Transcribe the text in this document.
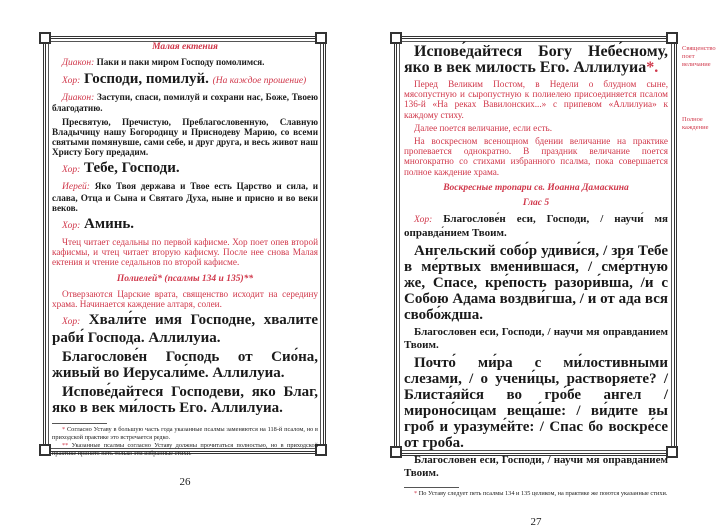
Малая ектения

Диакон: Паки и паки миром Господу помолимся.

Хор: Господи, помилуй. (На каждое прошение)

Диакон: Заступи, спаси, помилуй и сохрани нас, Боже, Твоею благодатию.

Пресвятую, Пречистую, Преблагословенную, Славную Владычицу нашу Богородицу и Приснодеву Марию, со всеми святыми помянувше, сами себе, и друг друга, и весь живот наш Христу Богу предадим.

Хор: Тебе, Господи.

Иерей: Яко Твоя держава и Твое есть Царство и сила, и слава, Отца и Сына и Святаго Духа, ныне и присно и во веки веков.

Хор: Аминь.

Чтец читает седальны по первой кафисме. Хор поет опев второй кафисмы, и чтец читает вторую кафисму. После нее снова Малая ектения и чтение седальнов по второй кафисме.

Полиелей* (псалмы 134 и 135)**

Отверзаются Царские врата, священство исходит на середину храма. Начинается каждение алтаря, солеи.

Хор: Хвали́те имя Господне, хвалите раби́ Господа. Аллилуиа.

Благослове́н Господь от Сио́на, живый во Иерусали́ме. Аллилуиа.

Испове́дайтеся Господеви, яко Благ, яко в век ми́лость Его. Аллилуиа.

* Согласно Уставу в большую часть года указанные псалмы заменяются на 118-й псалом, но в приходской практике это встречается редко.

** Указанные псалмы согласно Уставу должны прочитаться полностью, но в приходской практике принято петь только эти избранные стихи.

26

Испове́дайтеся Богу Небе́сному, яко в век милость Его. Аллилуиа*.

Перед Великим Постом, в Недели о блудном сыне, мясопустную и сыропустную к полиелею присоединяется псалом 136-й «На реках Вавилонских...» с припевом «Аллилуиа» к каждому стиху.

Далее поется величание, если есть.

На воскресном всенощном бдении величание на практике пропевается однократно. В праздник величание поется многократно со стихами избранного псалма, пока совершается полное каждение храма.

Воскресные тропари св. Иоанна Дамаскина

Глас 5

Хор: Благослове́н еси, Господи, / научи́ мя оправда́нием Твоим.

Ангельский собо́р удиви́ся, / зря Тебе в ме́ртвых вмени́вшася, / сме́ртную же, Спасе, кре́пость разори́вша, /и с Собою Адама воздви́гша, / и от ада вся свобо́ждша.

Благословен еси, Господи, / научи мя оправданием Твоим.

Почто́ ми́ра с ми́лостивными слезами, / о учени́цы, растворяете? / Блиста́яйся во гро́бе ангел / мироно́сицам веща́ше: / ви́дите вы гроб и уразуме́йте: / Спас бо воскре́се от гроба.

Благословен еси, Господи, / научи мя оправданием Твоим.

* По Уставу следует петь псалмы 134 и 135 целиком, на практике же поются указанные стихи.

27
Священство поет величание
Полное каждение
